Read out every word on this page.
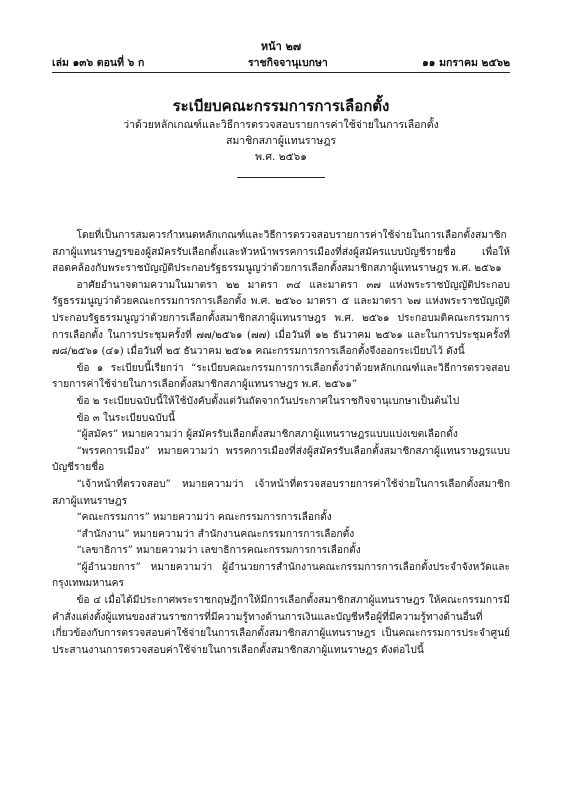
หน้า ๒๗
เล่ม ๑๓๖ ตอนที่ ๖ ก	ราชกิจจานุเบกษา	๑๑ มกราคม ๒๕๖๒
ระเบียบคณะกรรมการการเลือกตั้ง
ว่าด้วยหลักเกณฑ์และวิธีการตรวจสอบรายการค่าใช้จ่ายในการเลือกตั้ง
สมาชิกสภาผู้แทนราษฎร
พ.ศ. ๒๕๖๑

โดยที่เป็นการสมควรกำหนดหลักเกณฑ์และวิธีการตรวจสอบรายการค่าใช้จ่ายในการเลือกตั้งสมาชิกสภาผู้แทนราษฎรของผู้สมัครรับเลือกตั้งและหัวหน้าพรรคการเมืองที่ส่งผู้สมัครแบบบัญชีรายชื่อ เพื่อให้สอดคล้องกับพระราชบัญญัติประกอบรัฐธรรมนูญว่าด้วยการเลือกตั้งสมาชิกสภาผู้แทนราษฎร พ.ศ. ๒๕๖๑

อาศัยอำนาจตามความในมาตรา ๒๒ มาตรา ๓๔ และมาตรา ๓๗ แห่งพระราชบัญญัติประกอบรัฐธรรมนูญว่าด้วยคณะกรรมการการเลือกตั้ง พ.ศ. ๒๕๖๐ มาตรา ๕ และมาตรา ๖๗ แห่งพระราชบัญญัติประกอบรัฐธรรมนูญว่าด้วยการเลือกตั้งสมาชิกสภาผู้แทนราษฎร พ.ศ. ๒๕๖๑ ประกอบมติคณะกรรมการการเลือกตั้ง ในการประชุมครั้งที่ ๗๗/๒๕๖๑ (๗๗) เมื่อวันที่ ๑๒ ธันวาคม ๒๕๖๑ และในการประชุมครั้งที่ ๗๘/๒๕๖๑ (๔๑) เมื่อวันที่ ๒๕ ธันวาคม ๒๕๖๑ คณะกรรมการการเลือกตั้งจึงออกระเบียบไว้ ดังนี้

ข้อ ๑ ระเบียบนี้เรียกว่า “ระเบียบคณะกรรมการการเลือกตั้งว่าด้วยหลักเกณฑ์และวิธีการตรวจสอบรายการค่าใช้จ่ายในการเลือกตั้งสมาชิกสภาผู้แทนราษฎร พ.ศ. ๒๕๖๑”

ข้อ ๒ ระเบียบฉบับนี้ให้ใช้บังคับตั้งแต่วันถัดจากวันประกาศในราชกิจจานุเบกษาเป็นต้นไป

ข้อ ๓ ในระเบียบฉบับนี้

“ผู้สมัคร” หมายความว่า ผู้สมัครรับเลือกตั้งสมาชิกสภาผู้แทนราษฎรแบบแบ่งเขตเลือกตั้ง

“พรรคการเมือง” หมายความว่า พรรคการเมืองที่ส่งผู้สมัครรับเลือกตั้งสมาชิกสภาผู้แทนราษฎรแบบบัญชีรายชื่อ

“เจ้าหน้าที่ตรวจสอบ” หมายความว่า เจ้าหน้าที่ตรวจสอบรายการค่าใช้จ่ายในการเลือกตั้งสมาชิกสภาผู้แทนราษฎร

“คณะกรรมการ” หมายความว่า คณะกรรมการการเลือกตั้ง

“สำนักงาน” หมายความว่า สำนักงานคณะกรรมการการเลือกตั้ง

“เลขาธิการ” หมายความว่า เลขาธิการคณะกรรมการการเลือกตั้ง

“ผู้อำนวยการ” หมายความว่า ผู้อำนวยการสำนักงานคณะกรรมการการเลือกตั้งประจำจังหวัดและกรุงเทพมหานคร

ข้อ ๔ เมื่อได้มีประกาศพระราชกฤษฎีกาให้มีการเลือกตั้งสมาชิกสภาผู้แทนราษฎร ให้คณะกรรมการมีคำสั่งแต่งตั้งผู้แทนของส่วนราชการที่มีความรู้ทางด้านการเงินและบัญชีหรือผู้ที่มีความรู้ทางด้านอื่นที่เกี่ยวข้องกับการตรวจสอบค่าใช้จ่ายในการเลือกตั้งสมาชิกสภาผู้แทนราษฎร เป็นคณะกรรมการประจำศูนย์ประสานงานการตรวจสอบค่าใช้จ่ายในการเลือกตั้งสมาชิกสภาผู้แทนราษฎร ดังต่อไปนี้
